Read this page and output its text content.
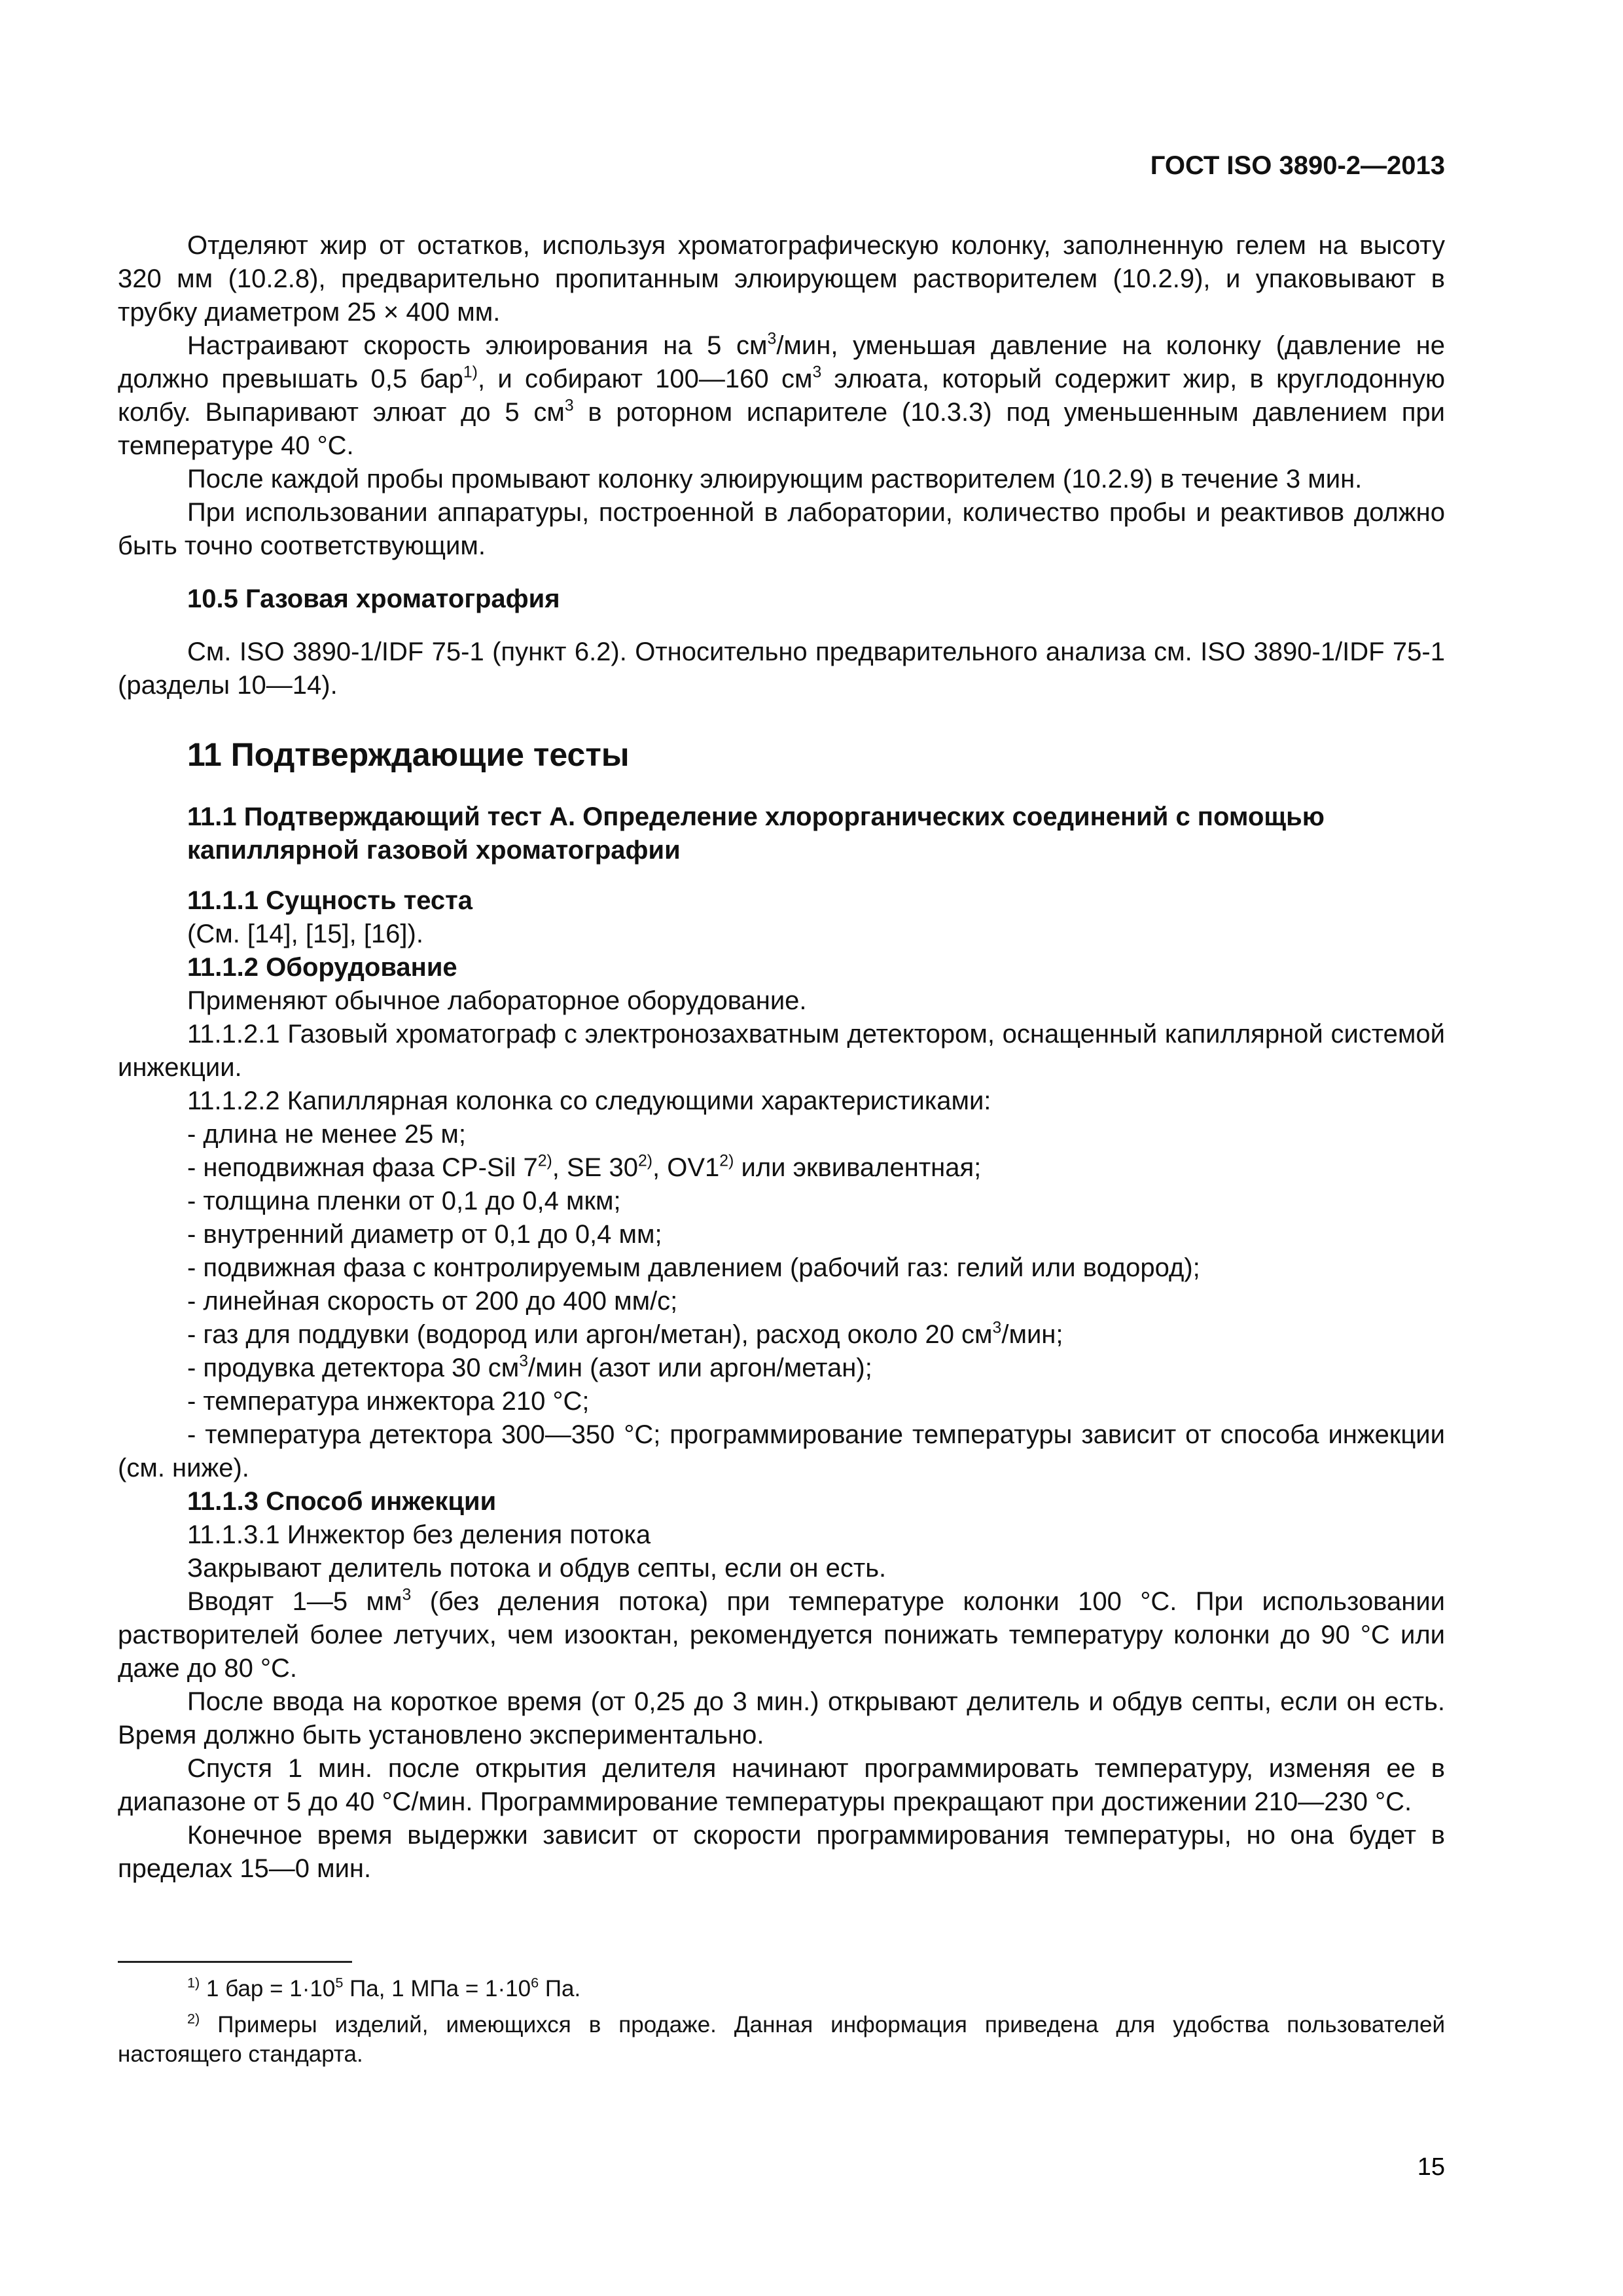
ГОСТ ISO 3890-2—2013

Отделяют жир от остатков, используя хроматографическую колонку, заполненную гелем на высоту 320 мм (10.2.8), предварительно пропитанным элюирующем растворителем (10.2.9), и упаковывают в трубку диаметром 25 × 400 мм.

Настраивают скорость элюирования на 5 $см^3$/мин, уменьшая давление на колонку (давление не должно превышать 0,5 бар$^{1)}$, и собирают 100—160 $см^3$ элюата, который содержит жир, в круглодонную колбу. Выпаривают элюат до 5 $см^3$ в роторном испарителе (10.3.3) под уменьшенным давлением при температуре 40 °С.

После каждой пробы промывают колонку элюирующим растворителем (10.2.9) в течение 3 мин.

При использовании аппаратуры, построенной в лаборатории, количество пробы и реактивов должно быть точно соответствующим.

10.5 Газовая хроматография

См. ISO 3890-1/IDF 75-1 (пункт 6.2). Относительно предварительного анализа см. ISO 3890-1/IDF 75-1 (разделы 10—14).

11 Подтверждающие тесты

11.1 Подтверждающий тест А. Определение хлорорганических соединений с помощью капиллярной газовой хроматографии

11.1.1 Сущность теста

(См. [14], [15], [16]).

11.1.2 Оборудование

Применяют обычное лабораторное оборудование.

11.1.2.1 Газовый хроматограф с электронозахватным детектором, оснащенный капиллярной системой инжекции.

11.1.2.2 Капиллярная колонка со следующими характеристиками:

- длина не менее 25 м;

- неподвижная фаза CP-Sil 7$^{2)}$, SE 30$^{2)}$, OV1$^{2)}$ или эквивалентная;

- толщина пленки от 0,1 до 0,4 мкм;

- внутренний диаметр от 0,1 до 0,4 мм;

- подвижная фаза с контролируемым давлением (рабочий газ: гелий или водород);

- линейная скорость от 200 до 400 мм/с;

- газ для поддувки (водород или аргон/метан), расход около 20 $см^3$/мин;

- продувка детектора 30 $см^3$/мин (азот или аргон/метан);

- температура инжектора 210 °С;

- температура детектора 300—350 °С; программирование температуры зависит от способа инжекции (см. ниже).

11.1.3 Способ инжекции

11.1.3.1 Инжектор без деления потока

Закрывают делитель потока и обдув септы, если он есть.

Вводят 1—5 $мм^3$ (без деления потока) при температуре колонки 100 °С. При использовании растворителей более летучих, чем изооктан, рекомендуется понижать температуру колонки до 90 °С или даже до 80 °С.

После ввода на короткое время (от 0,25 до 3 мин.) открывают делитель и обдув септы, если он есть. Время должно быть установлено экспериментально.

Спустя 1 мин. после открытия делителя начинают программировать температуру, изменяя ее в диапазоне от 5 до 40 °С/мин. Программирование температуры прекращают при достижении 210—230 °С.

Конечное время выдержки зависит от скорости программирования температуры, но она будет в пределах 15—0 мин.

$^{1)}$ 1 бар = $1\cdot 10^5$ Па, 1 МПа = $1\cdot 10^6$ Па.

$^{2)}$ Примеры изделий, имеющихся в продаже. Данная информация приведена для удобства пользователей настоящего стандарта.

15
